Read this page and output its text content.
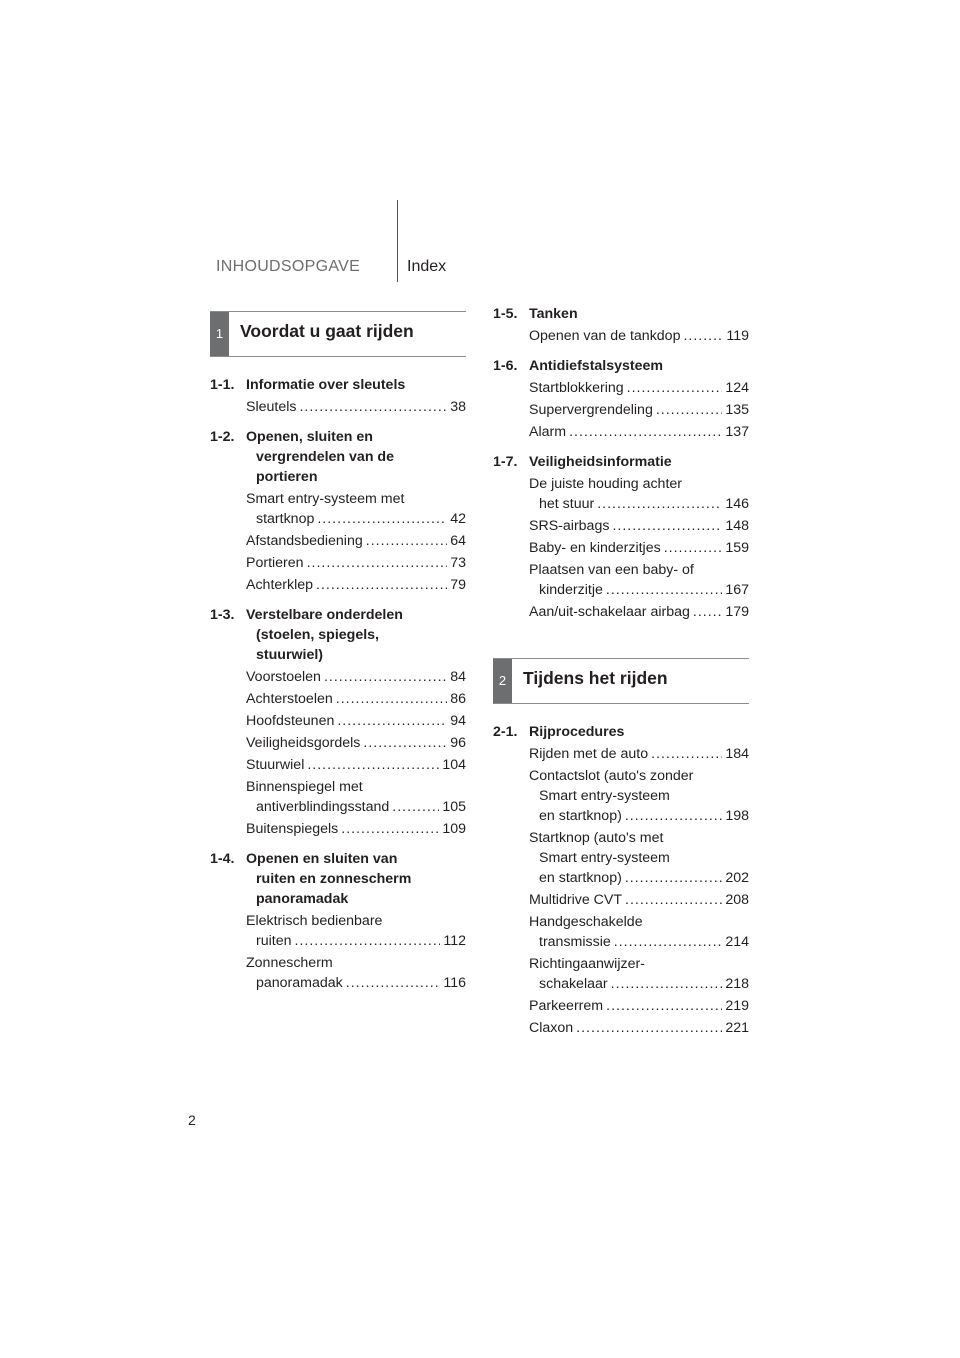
INHOUDSOPGAVE	Index
1 Voordat u gaat rijden
1-1. Informatie over sleutels
Sleutels .....	38
1-2. Openen, sluiten en
vergrendelen van de
portieren
Smart entry-systeem met
startknop .....	42
Afstandsbediening .....	64
Portieren .....	73
Achterklep .....	79
1-3. Verstelbare onderdelen
(stoelen, spiegels,
stuurwiel)
Voorstoelen .....	84
Achterstoelen .....	86
Hoofdsteunen .....	94
Veiligheidsgordels .....	96
Stuurwiel .....	104
Binnenspiegel met
antiverblindingsstand .....	105
Buitenspiegels .....	109
1-4. Openen en sluiten van
ruiten en zonnescherm
panoramadak
Elektrisch bedienbare
ruiten .....	112
Zonnescherm
panoramadak .....	116
1-5. Tanken
Openen van de tankdop .....	119
1-6. Antidiefstalsysteem
Startblokkering .....	124
Supervergrendeling .....	135
Alarm .....	137
1-7. Veiligheidsinformatie
De juiste houding achter
het stuur .....	146
SRS-airbags .....	148
Baby- en kinderzitjes .....	159
Plaatsen van een baby- of
kinderzitje .....	167
Aan/uit-schakelaar airbag ..... 179
2 Tijdens het rijden
2-1. Rijprocedures
Rijden met de auto .....	184
Contactslot (auto's zonder
Smart entry-systeem
en startknop) .....	198
Startknop (auto's met
Smart entry-systeem
en startknop) .....	202
Multidrive CVT .....	208
Handgeschakelde
transmissie .....	214
Richtingaanwijzer-
schakelaar .....	218
Parkeerrem .....	219
Claxon .....	221
2
